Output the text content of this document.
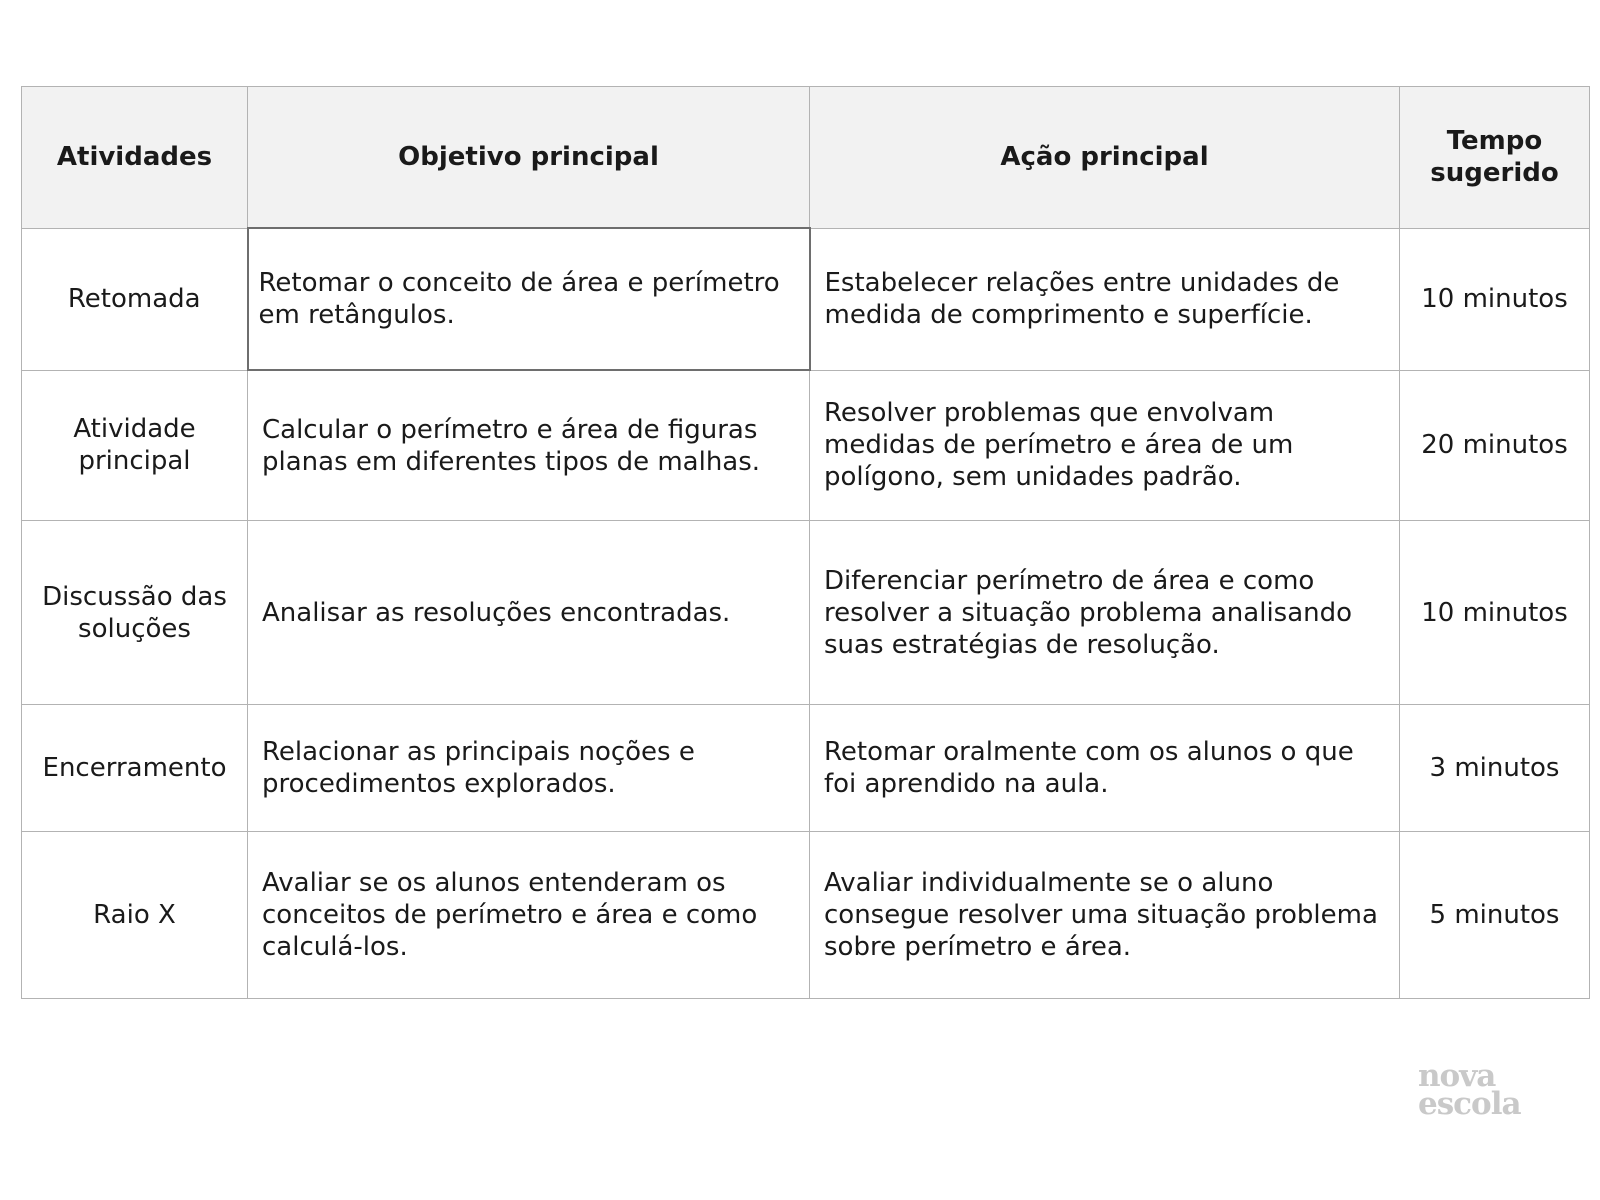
Atividades	Objetivo principal	Ação principal	Tempo sugerido
Retomada	Retomar o conceito de área e perímetro em retângulos.	Estabelecer relações entre unidades de medida de comprimento e superfície.	10 minutos
Atividade principal	Calcular o perímetro e área de figuras planas em diferentes tipos de malhas.	Resolver problemas que envolvam medidas de perímetro e área de um polígono, sem unidades padrão.	20 minutos
Discussão das soluções	Analisar as resoluções encontradas.	Diferenciar perímetro de área e como resolver a situação problema analisando suas estratégias de resolução.	10 minutos
Encerramento	Relacionar as principais noções e procedimentos explorados.	Retomar oralmente com os alunos o que foi aprendido na aula.	3 minutos
Raio X	Avaliar se os alunos entenderam os conceitos de perímetro e área e como calculá-los.	Avaliar individualmente se o aluno consegue resolver uma situação problema sobre perímetro e área.	5 minutos
nova
escola
